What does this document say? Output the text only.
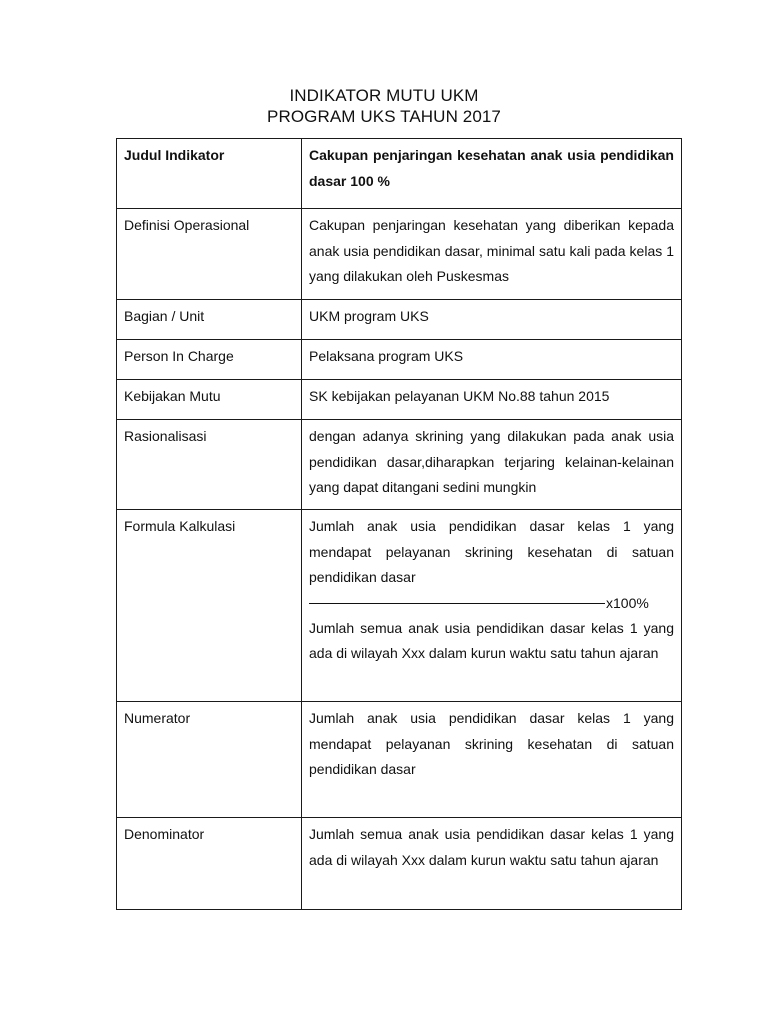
INDIKATOR MUTU UKM
PROGRAM UKS TAHUN 2017
Judul Indikator	Cakupan penjaringan kesehatan anak usia pendidikan dasar 100 %
Definisi Operasional	Cakupan penjaringan kesehatan yang diberikan kepada anak usia pendidikan dasar, minimal satu kali pada kelas 1 yang dilakukan oleh Puskesmas
Bagian / Unit	UKM program UKS
Person In Charge	Pelaksana program UKS
Kebijakan Mutu	SK kebijakan pelayanan UKM No.88 tahun 2015
Rasionalisasi	dengan adanya skrining yang dilakukan pada anak usia pendidikan dasar,diharapkan terjaring kelainan-kelainan yang dapat ditangani sedini mungkin
Formula Kalkulasi	Jumlah anak usia pendidikan dasar kelas 1 yang mendapat pelayanan skrining kesehatan di satuan pendidikan dasar
x100%
Jumlah semua anak usia pendidikan dasar kelas 1 yang ada di wilayah Xxx dalam kurun waktu satu tahun ajaran

Numerator	Jumlah anak usia pendidikan dasar kelas 1 yang mendapat pelayanan skrining kesehatan di satuan pendidikan dasar
Denominator	Jumlah semua anak usia pendidikan dasar kelas 1 yang ada di wilayah Xxx dalam kurun waktu satu tahun ajaran
